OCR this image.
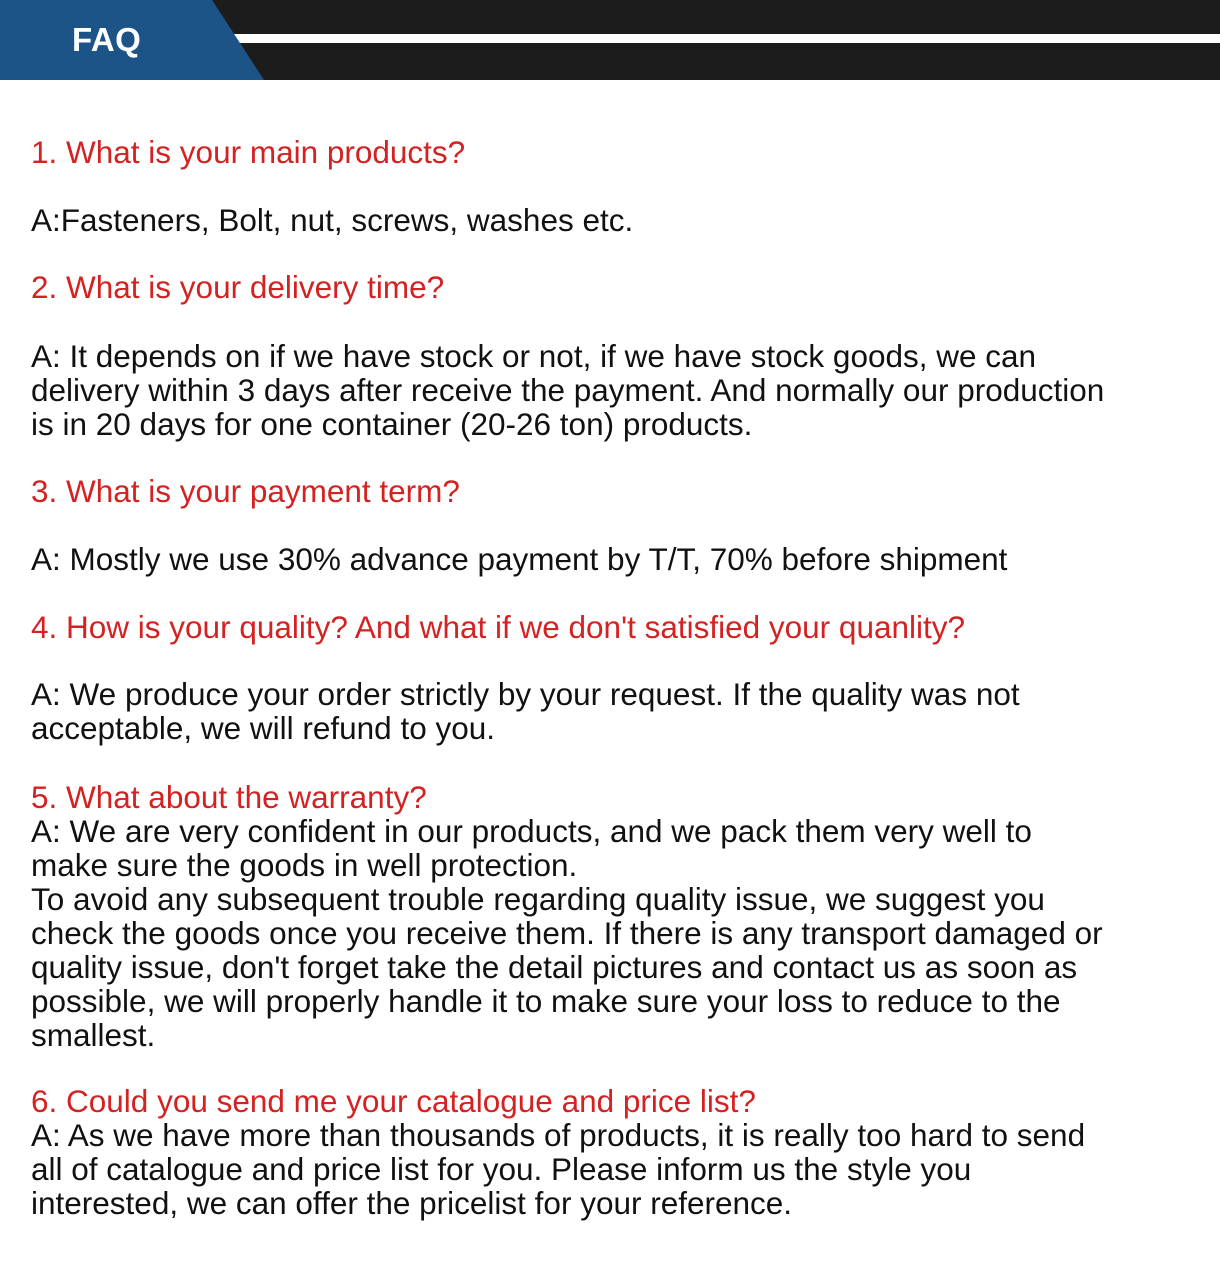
FAQ
1. What is your main products?
A:Fasteners, Bolt, nut, screws, washes etc.
2. What is your delivery time?
A: It depends on if we have stock or not, if we have stock goods, we can
delivery within 3 days after receive the payment. And normally our production
is in 20 days for one container (20-26 ton) products.
3. What is your payment term?
A: Mostly we use 30% advance payment by T/T, 70% before shipment
4. How is your quality? And what if we don't satisfied your quanlity?
A: We produce your order strictly by your request. If the quality was not
acceptable, we will refund to you.
5. What about the warranty?
A: We are very confident in our products, and we pack them very well to
make sure the goods in well protection.
To avoid any subsequent trouble regarding quality issue, we suggest you
check the goods once you receive them. If there is any transport damaged or
quality issue, don't forget take the detail pictures and contact us as soon as
possible, we will properly handle it to make sure your loss to reduce to the
smallest.
6. Could you send me your catalogue and price list?
A: As we have more than thousands of products, it is really too hard to send
all of catalogue and price list for you. Please inform us the style you
interested, we can offer the pricelist for your reference.
